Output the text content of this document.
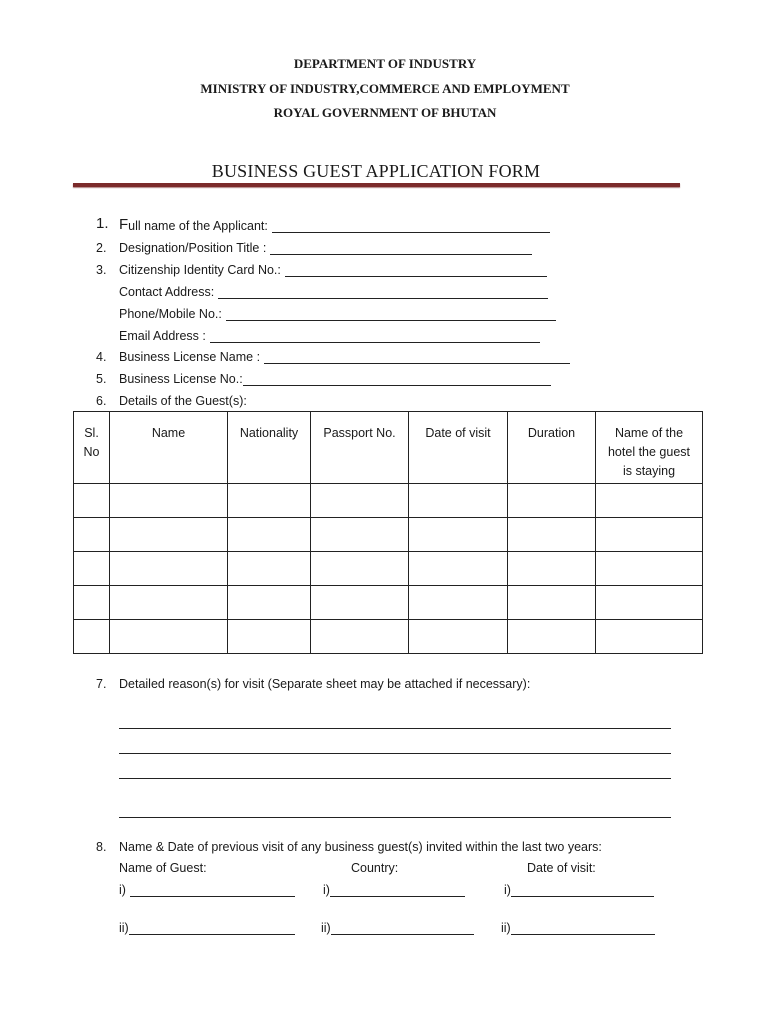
DEPARTMENT OF INDUSTRY
MINISTRY OF INDUSTRY,COMMERCE AND EMPLOYMENT
ROYAL GOVERNMENT OF BHUTAN
BUSINESS GUEST APPLICATION FORM
1. F ull name of the Applicant:
2. Designation/Position Title :
3. Citizenship Identity Card No.:
Contact Address:
Phone/Mobile No.:
Email Address :
4. Business License Name :
5. Business License No.:
6. Details of the Guest(s):
Sl. No	Name	Nationality	Passport No.	Date of visit	Duration	Name of the hotel the guest is staying

7. Detailed reason(s) for visit (Separate sheet may be attached if necessary):
8. Name & Date of previous visit of any business guest(s) invited within the last two years:
Name of Guest:	Country:	Date of visit:
i)	i)	i)
ii)	ii)	ii)
